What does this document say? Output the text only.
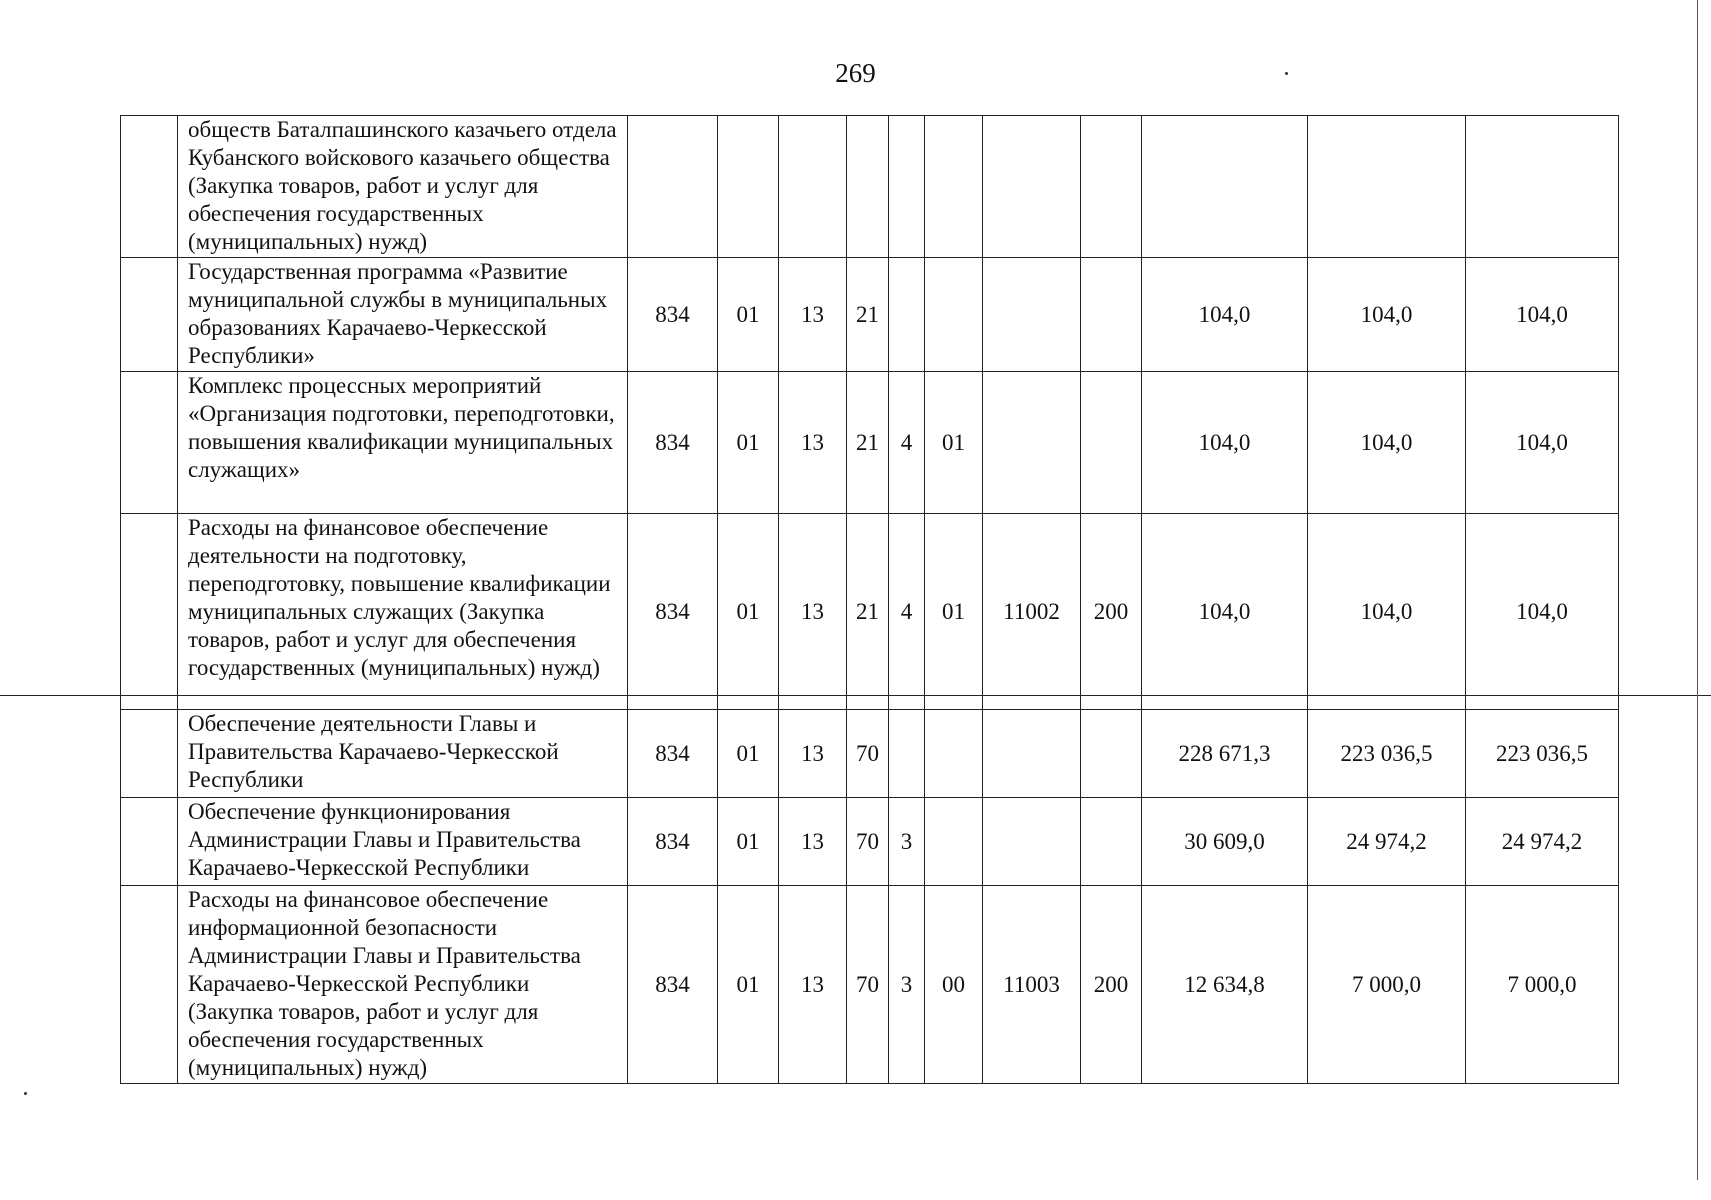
269
	обществ Баталпашинского казачьего отдела Кубанского войскового казачьего общества (Закупка товаров, работ и услуг для обеспечения государственных (муниципальных) нужд)											
	Государственная программа «Развитие муниципальной службы в муниципальных образованиях Карачаево-Черкесской Республики»	834	01	13	21					104,0	104,0	104,0
	Комплекс процессных мероприятий «Организация подготовки, переподготовки, повышения квалификации муниципальных служащих»	834	01	13	21	4	01			104,0	104,0	104,0
	Расходы на финансовое обеспечение деятельности на подготовку, переподготовку, повышение квалификации муниципальных служащих (Закупка товаров, работ и услуг для обеспечения государственных (муниципальных) нужд)	834	01	13	21	4	01	11002	200	104,0	104,0	104,0
	Обеспечение деятельности Главы и Правительства Карачаево-Черкесской Республики	834	01	13	70					228 671,3	223 036,5	223 036,5
	Обеспечение функционирования Администрации Главы и Правительства Карачаево-Черкесской Республики	834	01	13	70	3				30 609,0	24 974,2	24 974,2
	Расходы на финансовое обеспечение информационной безопасности Администрации Главы и Правительства Карачаево-Черкесской Республики (Закупка товаров, работ и услуг для обеспечения государственных (муниципальных) нужд)	834	01	13	70	3	00	11003	200	12 634,8	7 000,0	7 000,0
